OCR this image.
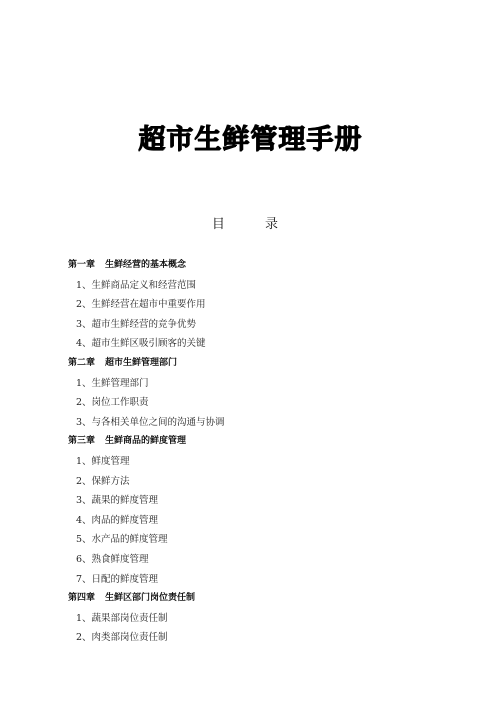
超市生鲜管理手册
目 录
第一章 生鲜经营的基本概念
1、生鲜商品定义和经营范围
2、生鲜经营在超市中重要作用
3、超市生鲜经营的竞争优势
4、超市生鲜区吸引顾客的关键
第二章 超市生鲜管理部门
1、生鲜管理部门
2、岗位工作职责
3、与各相关单位之间的沟通与协调
第三章 生鲜商品的鲜度管理
1、鲜度管理
2、保鲜方法
3、蔬果的鲜度管理
4、肉品的鲜度管理
5、水产品的鲜度管理
6、熟食鲜度管理
7、日配的鲜度管理
第四章 生鲜区部门岗位责任制
1、蔬果部岗位责任制
2、肉类部岗位责任制
